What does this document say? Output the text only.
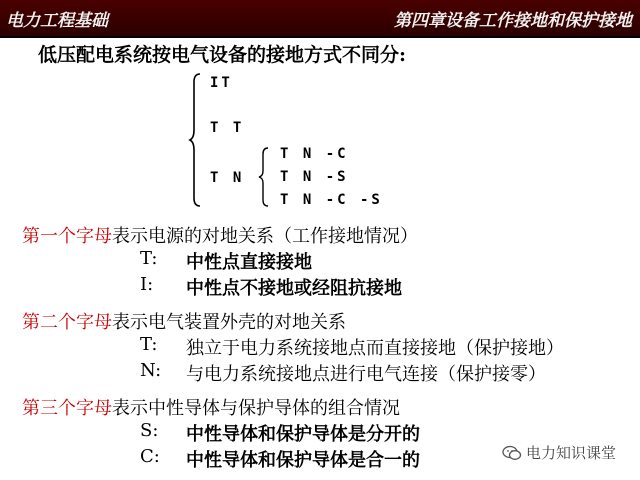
电力工程基础	第四章设备工作接地和保护接地
低压配电系统按电气设备的接地方式不同分:
IT
T T
T N
T N -C
T N -S
T N -C -S
第一个字母表示电源的对地关系（工作接地情况）
T: 中性点直接接地
I: 中性点不接地或经阻抗接地
第二个字母表示电气装置外壳的对地关系
T: 独立于电力系统接地点而直接接地（保护接地）
N: 与电力系统接地点进行电气连接（保护接零）
第三个字母表示中性导体与保护导体的组合情况
S: 中性导体和保护导体是分开的
C: 中性导体和保护导体是合一的	电力知识课堂
